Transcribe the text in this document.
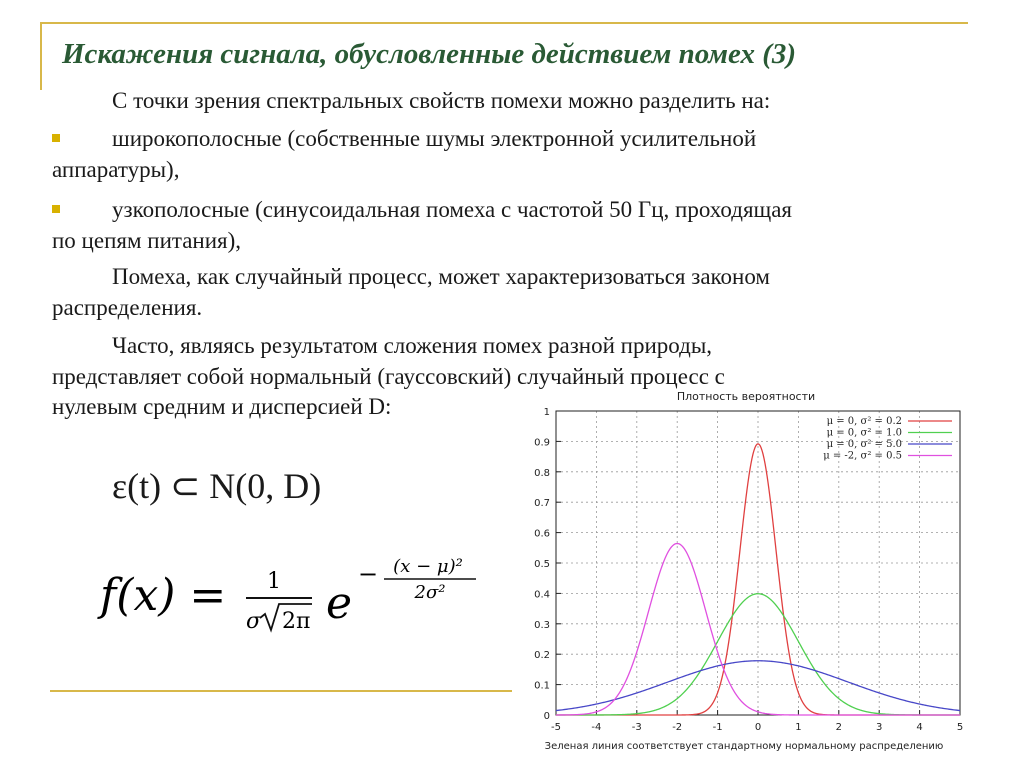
Искажения сигнала, обусловленные действием помех (3)
С точки зрения спектральных свойств помехи можно разделить на:
широкополосные (собственные шумы электронной усилительной
аппаратуры),
узкополосные (синусоидальная помеха с частотой 50 Гц, проходящая
по цепям питания),
Помеха, как случайный процесс, может характеризоваться законом
распределения.
Часто, являясь результатом сложения помех разной природы,
представляет собой нормальный (гауссовский) случайный процесс с
нулевым средним и дисперсией D:
ε(t) ⊂ N(0, D)
f(x) = 1
σ 2π e
− (x − μ)²
2σ²
Плотность вероятности
-5	-4	-3	-2	-1	0	1	2	3	4	5
0
0.1
0.2
0.3
0.4
0.5
0.6
0.7
0.8
0.9
1
μ = 0, σ² = 0.2
μ = 0, σ² = 1.0
μ = 0, σ² = 5.0
μ = -2, σ² = 0.5
Зеленая линия соответствует стандартному нормальному распределению
